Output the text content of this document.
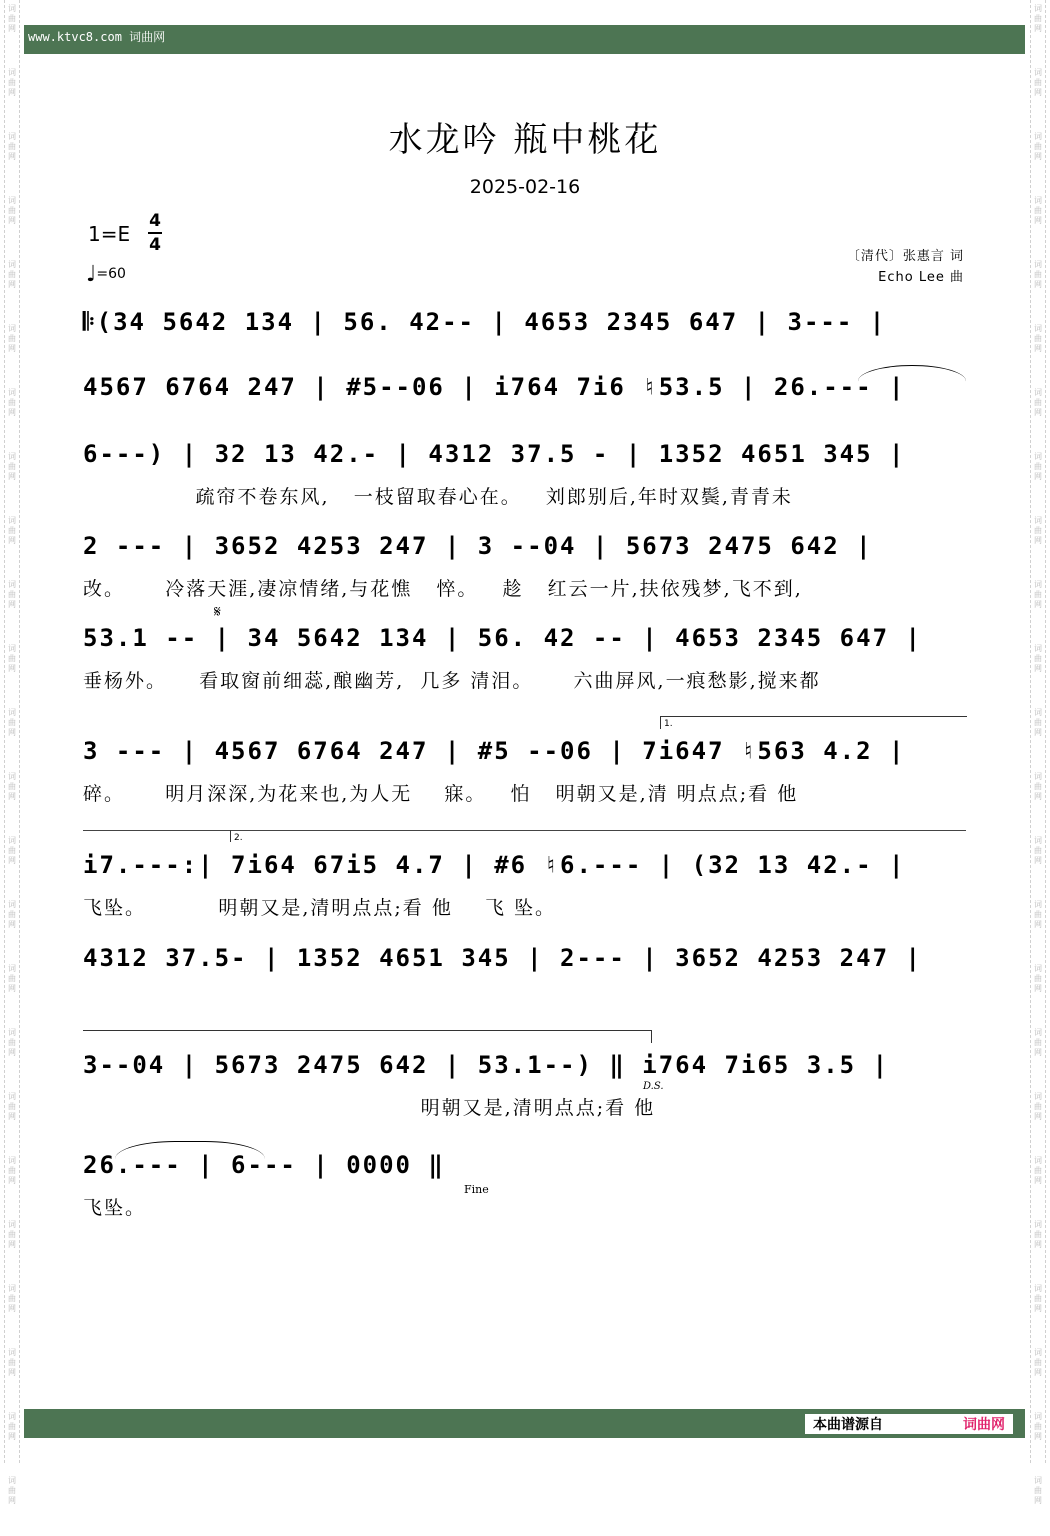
词
曲
网
词
曲
网
词
曲
网
词
曲
网
词
曲
网
词
曲
网
词
曲
网
词
曲
网
词
曲
网
词
曲
网
词
曲
网
词
曲
网
词
曲
网
词
曲
网
词
曲
网
词
曲
网
词
曲
网
词
曲
网
词
曲
网
词
曲
网
词
曲
网
词
曲
网
词
曲
网
词
曲
网
词
曲
网
词
曲
网
词
曲
网
词
曲
网
词
曲
网
词
曲
网
词
曲
网
词
曲
网
词
曲
网
词
曲
网
词
曲
网
词
曲
网
词
曲
网
词
曲
网
词
曲
网
词
曲
网
词
曲
网
词
曲
网
词
曲
网
词
曲
网
词
曲
网
词
曲
网
词
曲
网
词
曲
网
www.ktvc8.com 词曲网
水龙吟 瓶中桃花
2025-02-16
1=E
4
4
♩=60
〔清代〕张惠言 词
Echo Lee 曲
𝄆(34 5642 134 | 56. 42-- | 4653 2345 647 | 3--- |
4567 6764 247 | #5--06 | i764 7i6 ♮53.5 | 26.--- |
6---) | 32 13 42.- | 4312 37.5 - | 1352 4651 345 |
疏帘不卷东风,   一枝留取春心在。   刘郎别后,年时双鬓,青青未
2 --- | 3652 4253 247 | 3 --04 | 5673 2475 642 |
改。     冷落天涯,凄凉情绪,与花憔   悴。   趁   红云一片,扶依残梦,飞不到,
𝄋
53.1 -- | 34 5642 134 | 56. 42 -- | 4653 2345 647 |
垂杨外。    看取窗前细蕊,酿幽芳,  几多 清泪。     六曲屏风,一痕愁影,搅来都
1.
3 --- | 4567 6764 247 | #5 --06 | 7i647 ♮563 4.2 |
碎。     明月深深,为花来也,为人无    寐。   怕   明朝又是,清 明点点;看 他
2.
i7.---:| 7i64 67i5 4.7 | #6 ♮6.--- | (32 13 42.- |
飞坠。         明朝又是,清明点点;看 他    飞 坠。
4312 37.5- | 1352 4651 345 | 2--- | 3652 4253 247 |
3--04 | 5673 2475 642 | 53.1--) ‖ i764 7i65 3.5 |
D.S.
明朝又是,清明点点;看 他
26.--- | 6--- | 0000 ‖
Fine
飞坠。
本曲谱源自	词曲网
